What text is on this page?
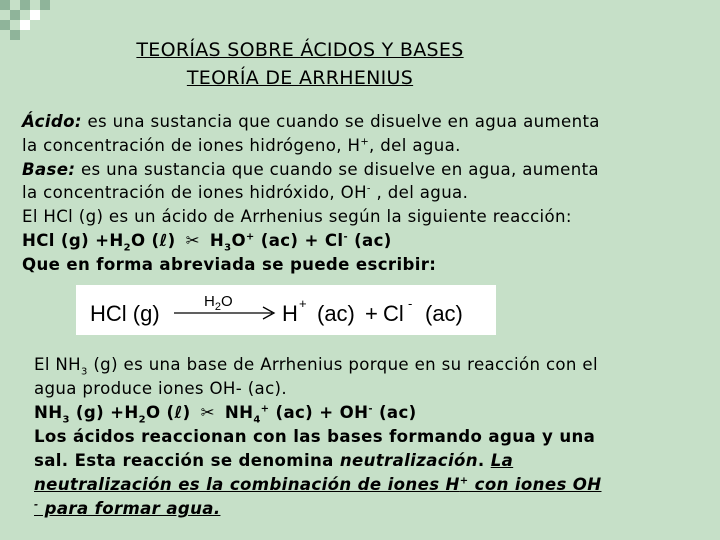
TEORÍAS SOBRE ÁCIDOS Y BASES
TEORÍA DE ARRHENIUS
Ácido: es una sustancia que cuando se disuelve en agua aumenta
la concentración de iones hidrógeno, H+, del agua.
Base: es una sustancia que cuando se disuelve en agua, aumenta
la concentración de iones hidróxido, OH- , del agua.
El HCl (g) es un ácido de Arrhenius según la siguiente reacción:
HCl $(g) +H_2O$ (ℓ) ✂ $H_3O^+$ (ac) + Cl- (ac)
Que en forma abreviada se puede escribir:
HCl (g)	$H_2O$ H + (ac) + Cl - (ac)
El $NH_3$ (g) es una base de Arrhenius porque en su reacción con el
agua produce iones OH- (ac).
$NH_3$ $(g) +H_2O$ (ℓ) ✂ $NH_4^+$ (ac) + OH- (ac)
Los ácidos reaccionan con las bases formando agua y una
sal. Esta reacción se denomina neutralización. La
neutralización es la combinación de iones H+ con iones OH
- para formar agua.
